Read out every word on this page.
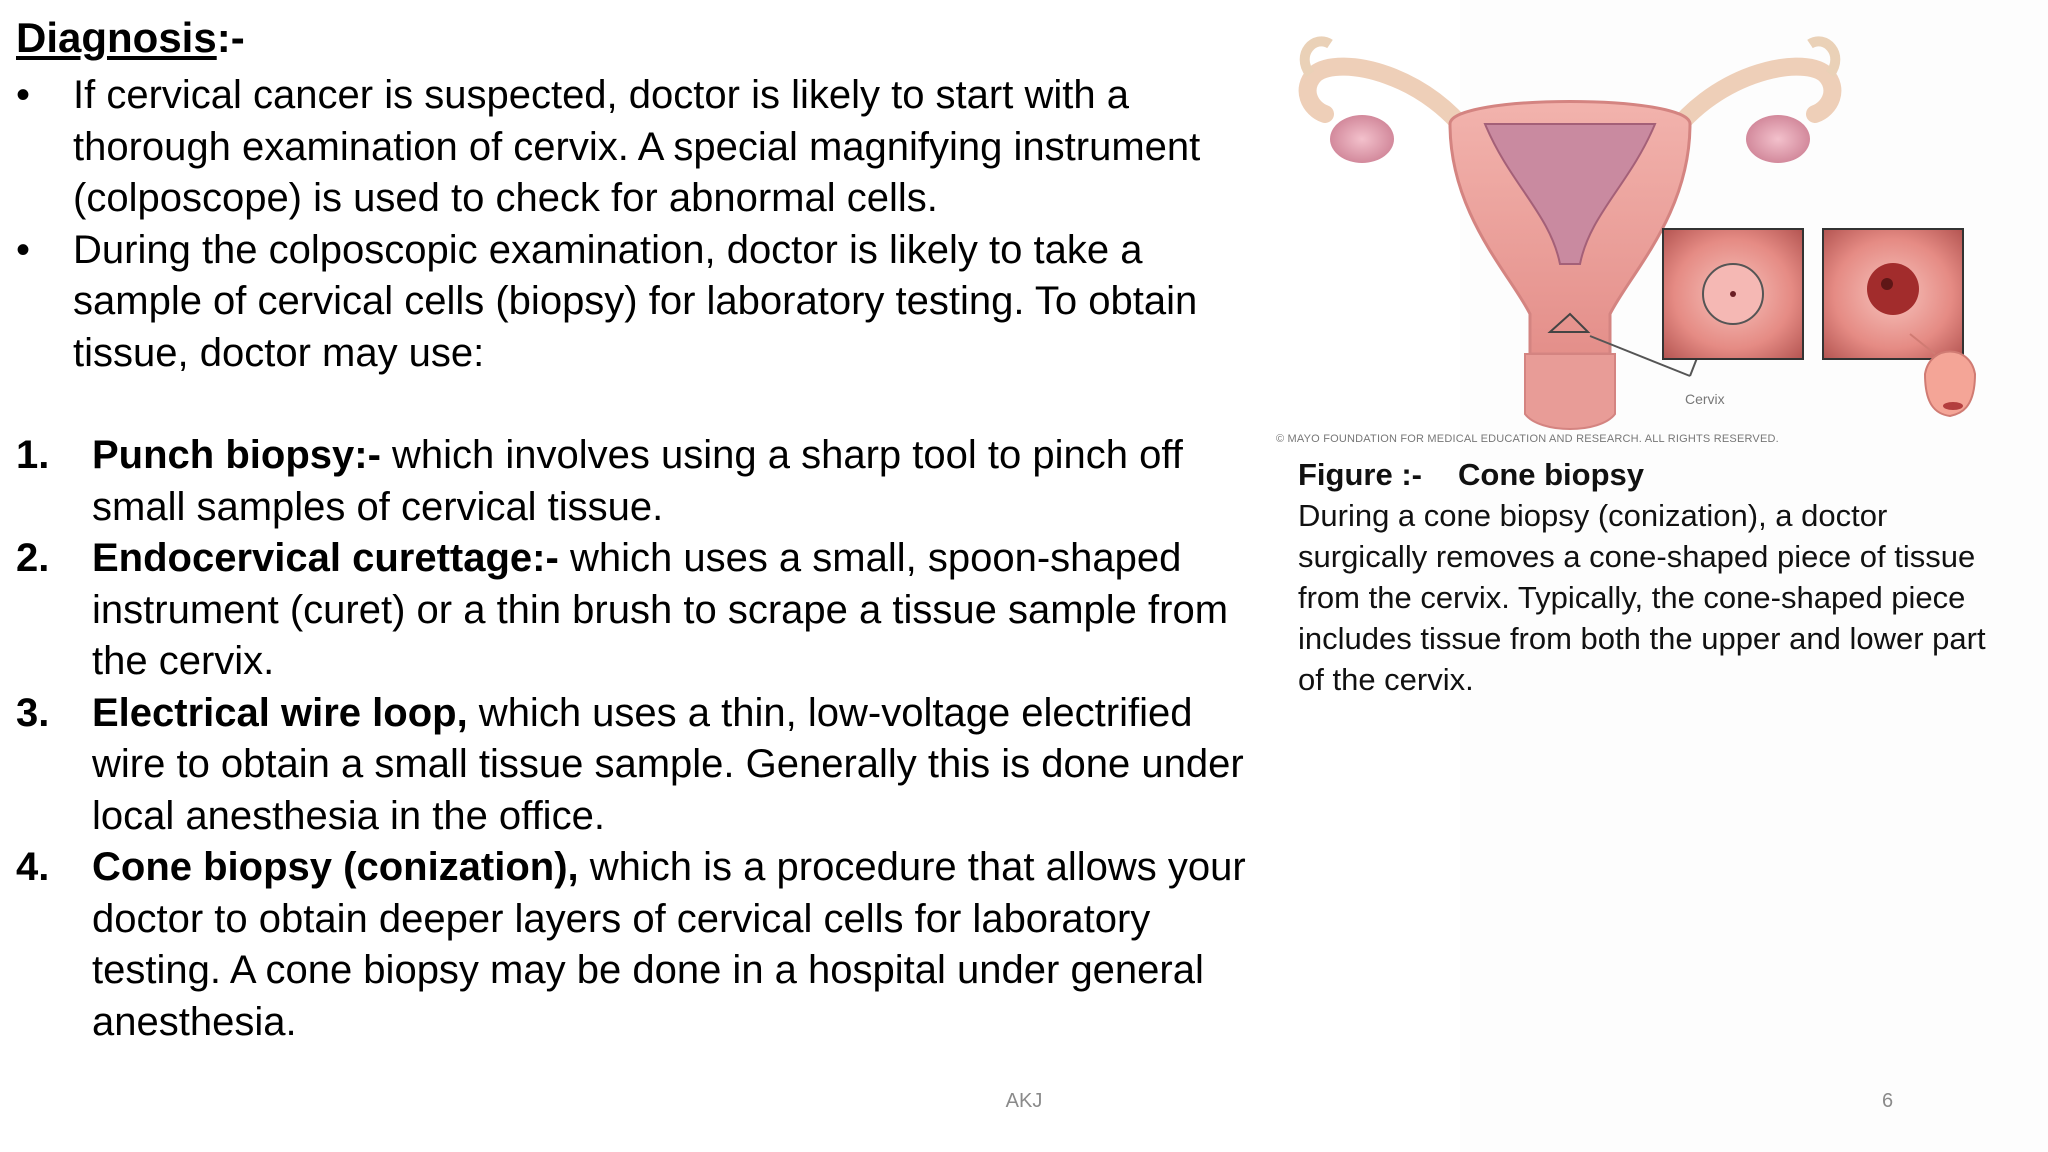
Diagnosis:-
• If cervical cancer is suspected, doctor is likely to start with a thorough examination of cervix. A special magnifying instrument (colposcope) is used to check for abnormal cells.
• During the colposcopic examination, doctor is likely to take a sample of cervical cells (biopsy) for laboratory testing. To obtain tissue, doctor may use:
1. Punch biopsy:- which involves using a sharp tool to pinch off small samples of cervical tissue.
2. Endocervical curettage:- which uses a small, spoon-shaped instrument (curet) or a thin brush to scrape a tissue sample from the cervix.
3. Electrical wire loop, which uses a thin, low-voltage electrified wire to obtain a small tissue sample. Generally this is done under local anesthesia in the office.
4. Cone biopsy (conization), which is a procedure that allows your doctor to obtain deeper layers of cervical cells for laboratory testing. A cone biopsy may be done in a hospital under general anesthesia.
Cervix
© MAYO FOUNDATION FOR MEDICAL EDUCATION AND RESEARCH. ALL RIGHTS RESERVED.
Figure :- Cone biopsy
During a cone biopsy (conization), a doctor surgically removes a cone-shaped piece of tissue from the cervix. Typically, the cone-shaped piece includes tissue from both the upper and lower part of the cervix.
AKJ	6
